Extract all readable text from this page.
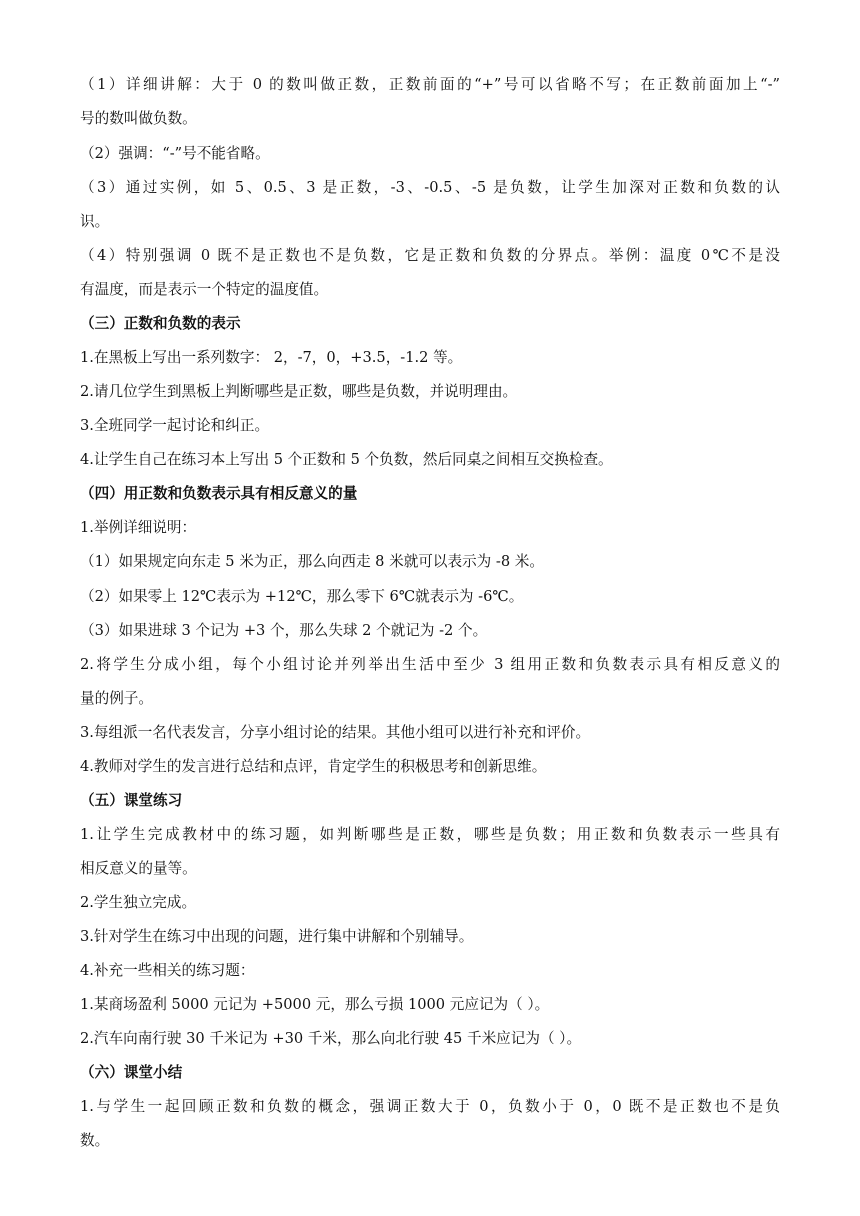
（1）详细讲解：大于 0 的数叫做正数，正数前面的“+”号可以省略不写；在正数前面加上“-”
号的数叫做负数。
（2）强调：“-”号不能省略。
（3）通过实例，如 5、0.5、3 是正数，-3、-0.5、-5 是负数，让学生加深对正数和负数的认
识。
（4）特别强调 0 既不是正数也不是负数，它是正数和负数的分界点。举例：温度 0℃不是没
有温度，而是表示一个特定的温度值。
（三）正数和负数的表示
1.在黑板上写出一系列数字： 2，-7，0，+3.5，-1.2 等。
2.请几位学生到黑板上判断哪些是正数，哪些是负数，并说明理由。
3.全班同学一起讨论和纠正。
4.让学生自己在练习本上写出 5 个正数和 5 个负数，然后同桌之间相互交换检查。
（四）用正数和负数表示具有相反意义的量
1.举例详细说明：
（1）如果规定向东走 5 米为正，那么向西走 8 米就可以表示为 -8 米。
（2）如果零上 12℃表示为 +12℃，那么零下 6℃就表示为 -6℃。
（3）如果进球 3 个记为 +3 个，那么失球 2 个就记为 -2 个。
2.将学生分成小组，每个小组讨论并列举出生活中至少 3 组用正数和负数表示具有相反意义的
量的例子。
3.每组派一名代表发言，分享小组讨论的结果。其他小组可以进行补充和评价。
4.教师对学生的发言进行总结和点评，肯定学生的积极思考和创新思维。
（五）课堂练习
1.让学生完成教材中的练习题，如判断哪些是正数，哪些是负数；用正数和负数表示一些具有
相反意义的量等。
2.学生独立完成。
3.针对学生在练习中出现的问题，进行集中讲解和个别辅导。
4.补充一些相关的练习题：
1.某商场盈利 5000 元记为 +5000 元，那么亏损 1000 元应记为（ ）。
2.汽车向南行驶 30 千米记为 +30 千米，那么向北行驶 45 千米应记为（ ）。
（六）课堂小结
1.与学生一起回顾正数和负数的概念，强调正数大于 0，负数小于 0，0 既不是正数也不是负
数。
